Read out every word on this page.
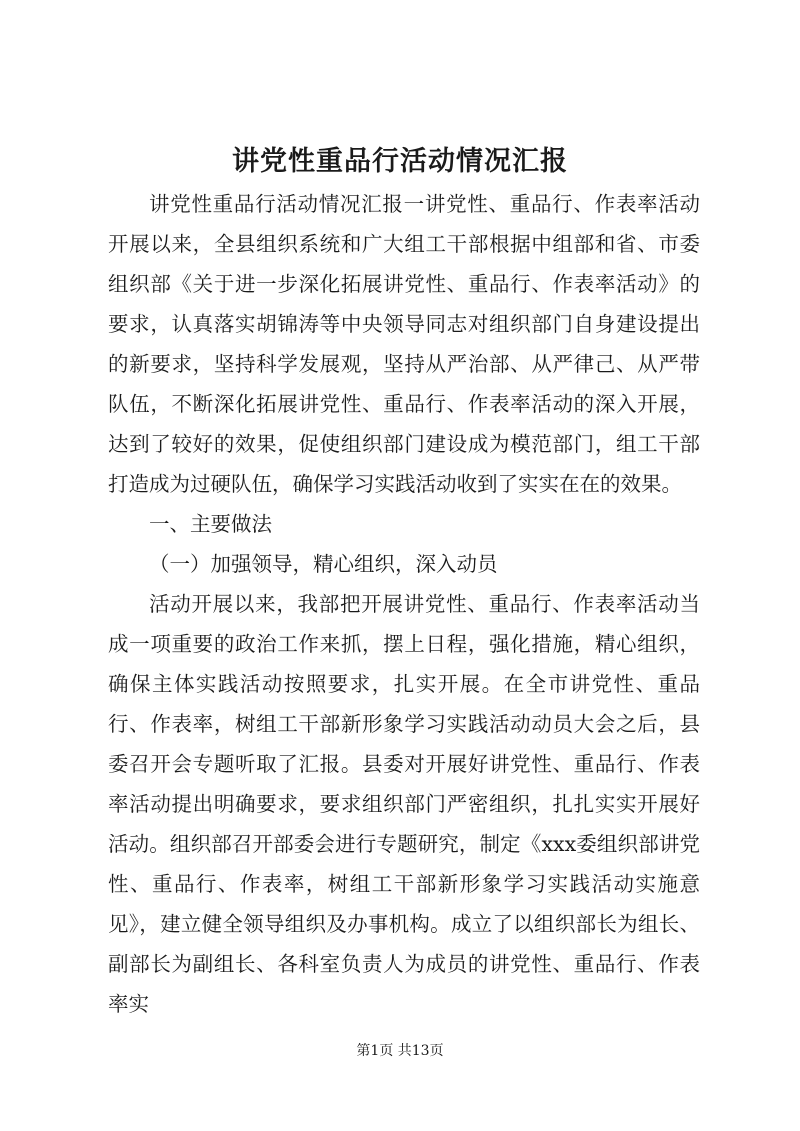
讲党性重品行活动情况汇报

讲党性重品行活动情况汇报一讲党性、重品行、作表率活动开展以来，全县组织系统和广大组工干部根据中组部和省、市委组织部《关于进一步深化拓展讲党性、重品行、作表率活动》的要求，认真落实胡锦涛等中央领导同志对组织部门自身建设提出的新要求，坚持科学发展观，坚持从严治部、从严律己、从严带队伍，不断深化拓展讲党性、重品行、作表率活动的深入开展，达到了较好的效果，促使组织部门建设成为模范部门，组工干部打造成为过硬队伍，确保学习实践活动收到了实实在在的效果。

一、主要做法

（一）加强领导，精心组织，深入动员

活动开展以来，我部把开展讲党性、重品行、作表率活动当成一项重要的政治工作来抓，摆上日程，强化措施，精心组织，确保主体实践活动按照要求，扎实开展。在全市讲党性、重品行、作表率，树组工干部新形象学习实践活动动员大会之后，县委召开会专题听取了汇报。县委对开展好讲党性、重品行、作表率活动提出明确要求，要求组织部门严密组织，扎扎实实开展好活动。组织部召开部委会进行专题研究，制定《xxx委组织部讲党性、重品行、作表率，树组工干部新形象学习实践活动实施意见》，建立健全领导组织及办事机构。成立了以组织部长为组长、副部长为副组长、各科室负责人为成员的讲党性、重品行、作表率实

第1页 共13页
